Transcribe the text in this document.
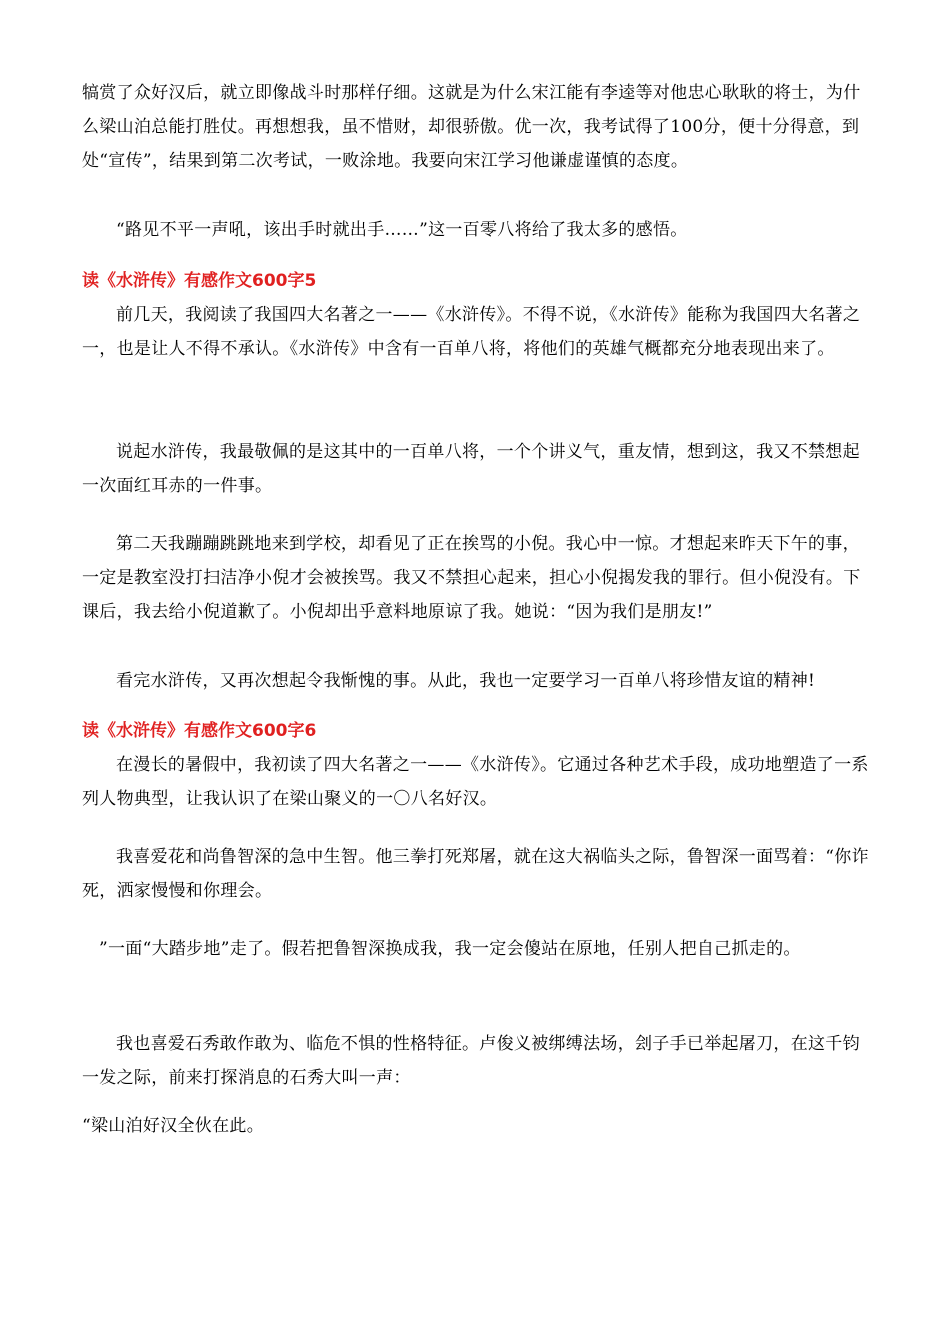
犒赏了众好汉后，就立即像战斗时那样仔细。这就是为什么宋江能有李逵等对他忠心耿耿的将士，为什么梁山泊总能打胜仗。再想想我，虽不惜财，却很骄傲。优一次，我考试得了100分，便十分得意，到处“宣传”，结果到第二次考试，一败涂地。我要向宋江学习他谦虚谨慎的态度。
“路见不平一声吼，该出手时就出手……”这一百零八将给了我太多的感悟。
读《水浒传》有感作文600字5
前几天，我阅读了我国四大名著之一——《水浒传》。不得不说，《水浒传》能称为我国四大名著之一，也是让人不得不承认。《水浒传》中含有一百单八将，将他们的英雄气概都充分地表现出来了。
说起水浒传，我最敬佩的是这其中的一百单八将，一个个讲义气，重友情，想到这，我又不禁想起一次面红耳赤的一件事。
第二天我蹦蹦跳跳地来到学校，却看见了正在挨骂的小倪。我心中一惊。才想起来昨天下午的事，一定是教室没打扫洁净小倪才会被挨骂。我又不禁担心起来，担心小倪揭发我的罪行。但小倪没有。下课后，我去给小倪道歉了。小倪却出乎意料地原谅了我。她说：“因为我们是朋友!”
看完水浒传，又再次想起令我惭愧的事。从此，我也一定要学习一百单八将珍惜友谊的精神!
读《水浒传》有感作文600字6
在漫长的暑假中，我初读了四大名著之一——《水浒传》。它通过各种艺术手段，成功地塑造了一系列人物典型，让我认识了在梁山聚义的一〇八名好汉。
我喜爱花和尚鲁智深的急中生智。他三拳打死郑屠，就在这大祸临头之际，鲁智深一面骂着：“你诈死，洒家慢慢和你理会。
”一面“大踏步地”走了。假若把鲁智深换成我，我一定会傻站在原地，任别人把自己抓走的。
我也喜爱石秀敢作敢为、临危不惧的性格特征。卢俊义被绑缚法场，刽子手已举起屠刀，在这千钧一发之际，前来打探消息的石秀大叫一声：
“梁山泊好汉全伙在此。
